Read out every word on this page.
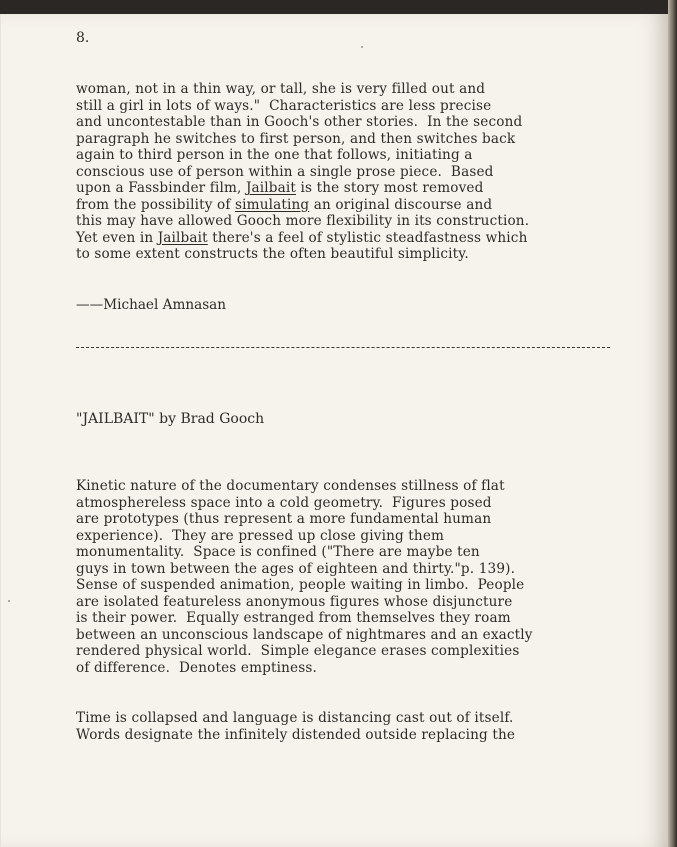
8.
woman, not in a thin way, or tall, she is very filled out and
still a girl in lots of ways."  Characteristics are less precise
and uncontestable than in Gooch's other stories.  In the second
paragraph he switches to first person, and then switches back
again to third person in the one that follows, initiating a
conscious use of person within a single prose piece.  Based
upon a Fassbinder film, Jailbait is the story most removed
from the possibility of simulating an original discourse and
this may have allowed Gooch more flexibility in its construction.
Yet even in Jailbait there's a feel of stylistic steadfastness which
to some extent constructs the often beautiful simplicity.
——Michael Amnasan
"JAILBAIT" by Brad Gooch
Kinetic nature of the documentary condenses stillness of flat
atmosphereless space into a cold geometry.  Figures posed
are prototypes (thus represent a more fundamental human
experience).  They are pressed up close giving them
monumentality.  Space is confined ("There are maybe ten
guys in town between the ages of eighteen and thirty."p. 139).
Sense of suspended animation, people waiting in limbo.  People
are isolated featureless anonymous figures whose disjuncture
is their power.  Equally estranged from themselves they roam
between an unconscious landscape of nightmares and an exactly
rendered physical world.  Simple elegance erases complexities
of difference.  Denotes emptiness.
Time is collapsed and language is distancing cast out of itself.
Words designate the infinitely distended outside replacing the
